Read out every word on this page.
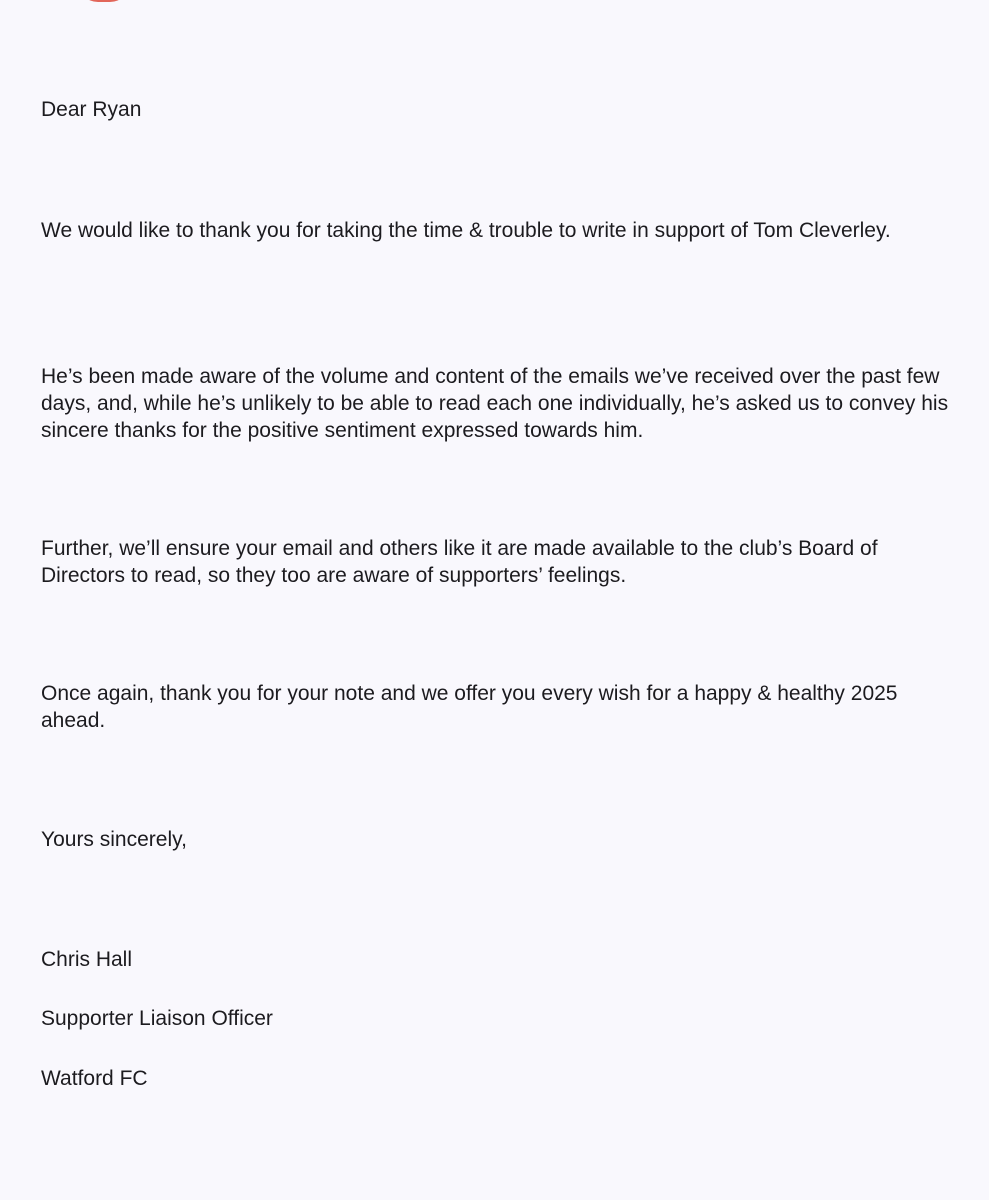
Dear Ryan

We would like to thank you for taking the time & trouble to write in support of Tom Cleverley.

He’s been made aware of the volume and content of the emails we’ve received over the past few days, and, while he’s unlikely to be able to read each one individually, he’s asked us to convey his sincere thanks for the positive sentiment expressed towards him.

Further, we’ll ensure your email and others like it are made available to the club’s Board of Directors to read, so they too are aware of supporters’ feelings.

Once again, thank you for your note and we offer you every wish for a happy & healthy 2025 ahead.

Yours sincerely,

Chris Hall

Supporter Liaison Officer

Watford FC
